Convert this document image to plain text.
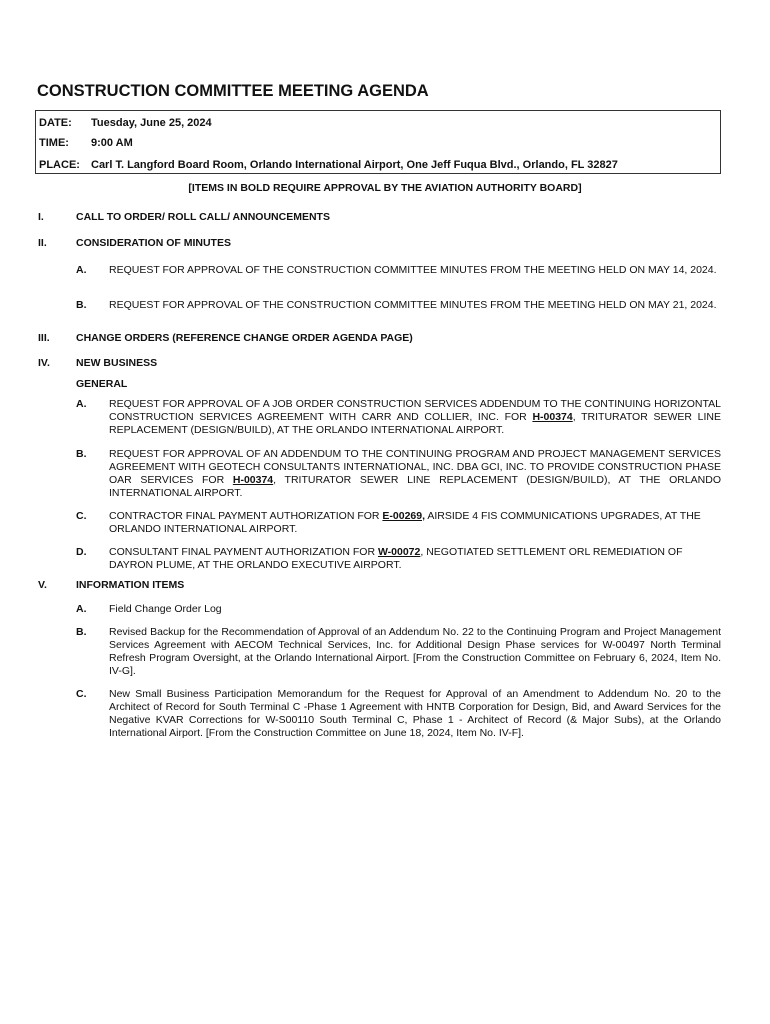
CONSTRUCTION COMMITTEE MEETING AGENDA
DATE: Tuesday, June 25, 2024
TIME: 9:00 AM
PLACE: Carl T. Langford Board Room, Orlando International Airport, One Jeff Fuqua Blvd., Orlando, FL 32827
[ITEMS IN BOLD REQUIRE APPROVAL BY THE AVIATION AUTHORITY BOARD]
I.	CALL TO ORDER/ ROLL CALL/ ANNOUNCEMENTS
II.	CONSIDERATION OF MINUTES
A. REQUEST FOR APPROVAL OF THE CONSTRUCTION COMMITTEE MINUTES FROM THE MEETING HELD ON MAY 14, 2024.
B. REQUEST FOR APPROVAL OF THE CONSTRUCTION COMMITTEE MINUTES FROM THE MEETING HELD ON MAY 21, 2024.
III.	CHANGE ORDERS (REFERENCE CHANGE ORDER AGENDA PAGE)
IV. NEW BUSINESS
GENERAL
A. REQUEST FOR APPROVAL OF A JOB ORDER CONSTRUCTION SERVICES ADDENDUM TO THE CONTINUING HORIZONTAL CONSTRUCTION SERVICES AGREEMENT WITH CARR AND COLLIER, INC. FOR H-00374, TRITURATOR SEWER LINE REPLACEMENT (DESIGN/BUILD), AT THE ORLANDO INTERNATIONAL AIRPORT.
B. REQUEST FOR APPROVAL OF AN ADDENDUM TO THE CONTINUING PROGRAM AND PROJECT MANAGEMENT SERVICES AGREEMENT WITH GEOTECH CONSULTANTS INTERNATIONAL, INC. DBA GCI, INC. TO PROVIDE CONSTRUCTION PHASE OAR SERVICES FOR H-00374, TRITURATOR SEWER LINE REPLACEMENT (DESIGN/BUILD), AT THE ORLANDO INTERNATIONAL AIRPORT.
C. CONTRACTOR FINAL PAYMENT AUTHORIZATION FOR E-00269, AIRSIDE 4 FIS COMMUNICATIONS UPGRADES, AT THE ORLANDO INTERNATIONAL AIRPORT.
D. CONSULTANT FINAL PAYMENT AUTHORIZATION FOR W-00072, NEGOTIATED SETTLEMENT ORL REMEDIATION OF DAYRON PLUME, AT THE ORLANDO EXECUTIVE AIRPORT.
V.	INFORMATION ITEMS
A. Field Change Order Log
B. Revised Backup for the Recommendation of Approval of an Addendum No. 22 to the Continuing Program and Project Management Services Agreement with AECOM Technical Services, Inc. for Additional Design Phase services for W-00497 North Terminal Refresh Program Oversight, at the Orlando International Airport. [From the Construction Committee on February 6, 2024, Item No. IV-G].
C. New Small Business Participation Memorandum for the Request for Approval of an Amendment to Addendum No. 20 to the Architect of Record for South Terminal C -Phase 1 Agreement with HNTB Corporation for Design, Bid, and Award Services for the Negative KVAR Corrections for W-S00110 South Terminal C, Phase 1 - Architect of Record (& Major Subs), at the Orlando International Airport. [From the Construction Committee on June 18, 2024, Item No. IV-F].
